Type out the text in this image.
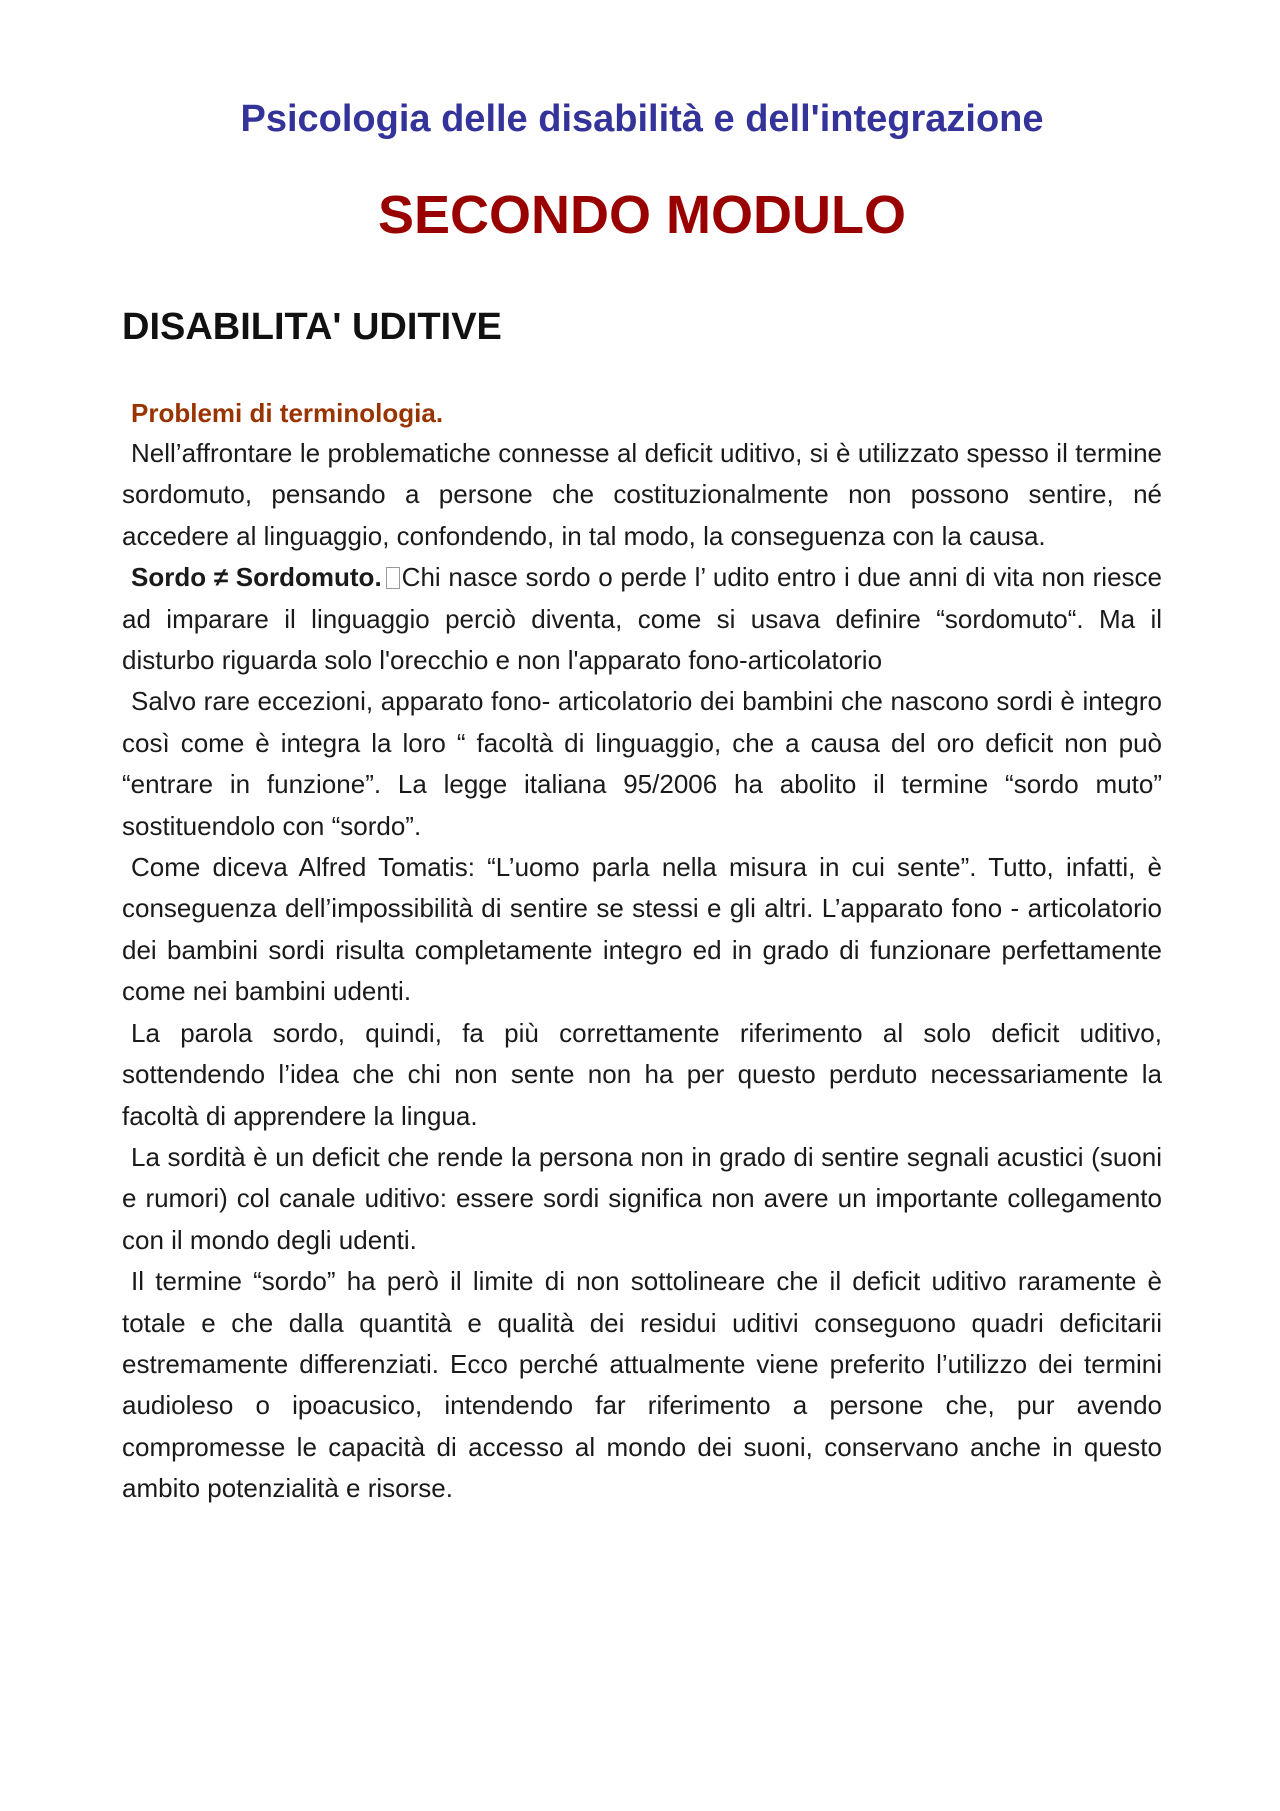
Psicologia delle disabilità e dell'integrazione
SECONDO MODULO
DISABILITA' UDITIVE
Problemi di terminologia.

Nell’affrontare le problematiche connesse al deficit uditivo, si è utilizzato spesso il termine sordomuto, pensando a persone che costituzionalmente non possono sentire, né accedere al linguaggio, confondendo, in tal modo, la conseguenza con la causa.

Sordo ≠ Sordomuto. Chi nasce sordo o perde l’ udito entro i due anni di vita non riesce ad imparare il linguaggio perciò diventa, come si usava definire “sordomuto“. Ma il disturbo riguarda solo l'orecchio e non l'apparato fono-articolatorio

Salvo rare eccezioni, apparato fono- articolatorio dei bambini che nascono sordi è integro così come è integra la loro “ facoltà di linguaggio, che a causa del oro deficit non può “entrare in funzione”. La legge italiana 95/2006 ha abolito il termine “sordo muto” sostituendolo con “sordo”.

Come diceva Alfred Tomatis: “L’uomo parla nella misura in cui sente”. Tutto, infatti, è conseguenza dell’impossibilità di sentire se stessi e gli altri. L’apparato fono - articolatorio dei bambini sordi risulta completamente integro ed in grado di funzionare perfettamente come nei bambini udenti.

La parola sordo, quindi, fa più correttamente riferimento al solo deficit uditivo, sottendendo l’idea che chi non sente non ha per questo perduto necessariamente la facoltà di apprendere la lingua.

La sordità è un deficit che rende la persona non in grado di sentire segnali acustici (suoni e rumori) col canale uditivo: essere sordi significa non avere un importante collegamento con il mondo degli udenti.

Il termine “sordo” ha però il limite di non sottolineare che il deficit uditivo raramente è totale e che dalla quantità e qualità dei residui uditivi conseguono quadri deficitarii estremamente differenziati. Ecco perché attualmente viene preferito l’utilizzo dei termini audioleso o ipoacusico, intendendo far riferimento a persone che, pur avendo compromesse le capacità di accesso al mondo dei suoni, conservano anche in questo ambito potenzialità e risorse.
